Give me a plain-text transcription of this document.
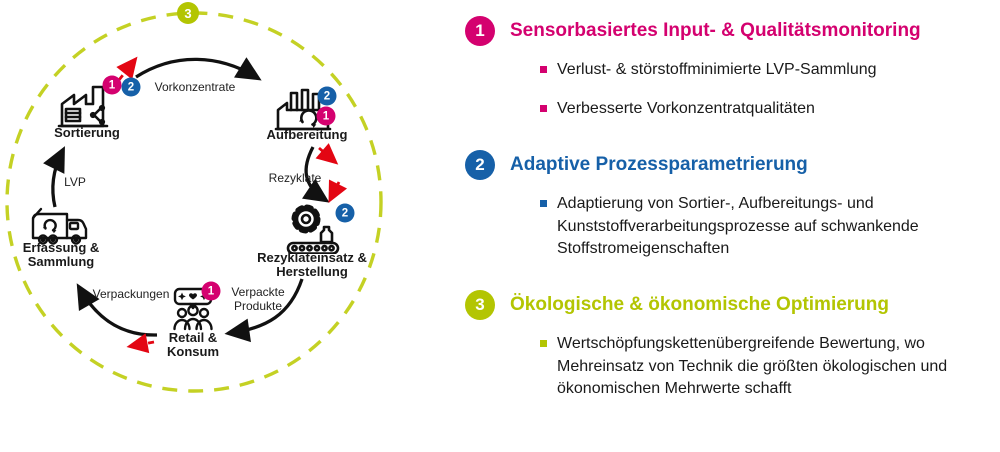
Sortierung	Aufbereitung
Rezyklateinsatz &
Herstellung
Retail &
Konsum
Erfassung &
Sammlung
Vorkonzentrate
Rezyklate
Verpackte Produkte
Verpackungen
LVP
3
1	2
2
1
2
1
1	Sensorbasiertes Input- & Qualitätsmonitoring
Verlust- & störstoffminimierte LVP-Sammlung
Verbesserte Vorkonzentratqualitäten
2	Adaptive Prozessparametrierung
Adaptierung von Sortier-, Aufbereitungs- und Kunststoffverarbeitungsprozesse auf schwankende Stoffstromeigenschaften
3	Ökologische & ökonomische Optimierung
Wertschöpfungskettenübergreifende Bewertung, wo Mehreinsatz von Technik die größten ökologischen und ökonomischen Mehrwerte schafft
